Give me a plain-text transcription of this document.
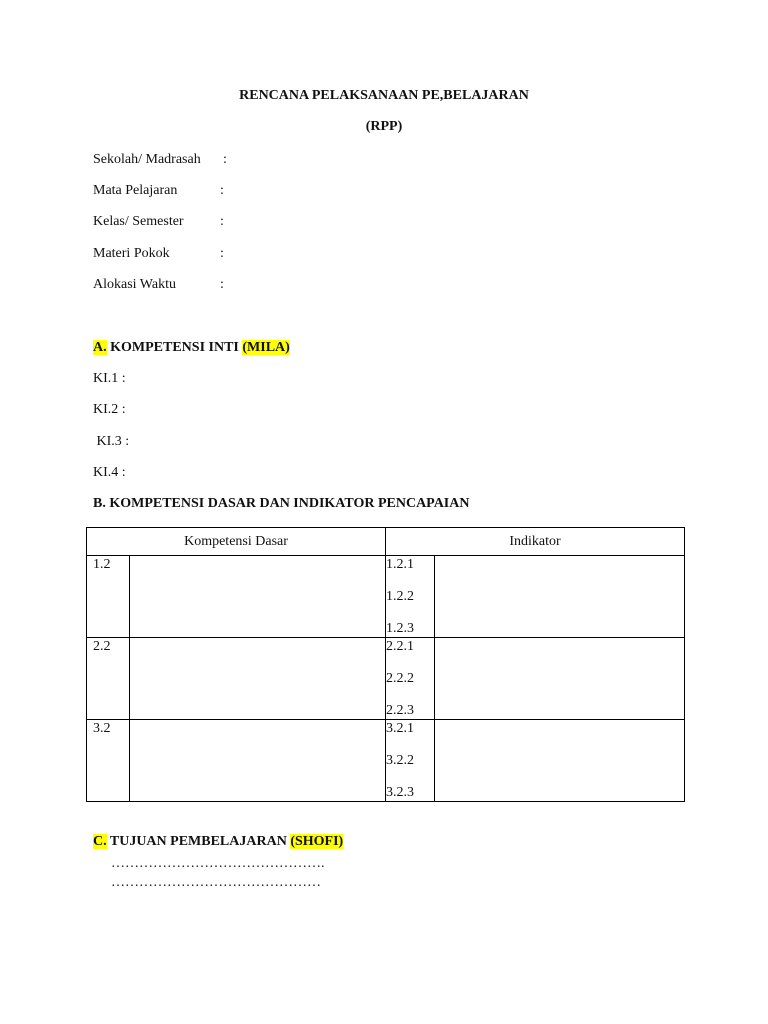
RENCANA PELAKSANAAN PE,BELAJARAN
(RPP)
Sekolah/ Madrasah :
Mata Pelajaran	:
Kelas/ Semester	:
Materi Pokok	:
Alokasi Waktu	:
A. KOMPETENSI INTI (MILA)
KI.1 :
KI.2 :
KI.3 :
KI.4 :
B. KOMPETENSI DASAR DAN INDIKATOR PENCAPAIAN
Kompetensi Dasar		Indikator	
1.2		1.2.1
1.2.2
1.2.3	

2.2		2.2.1
2.2.2
2.2.3	

3.2		3.2.1
3.2.2
3.2.3	

C. TUJUAN PEMBELAJARAN (SHOFI)
……………………………………….
………………………………………
